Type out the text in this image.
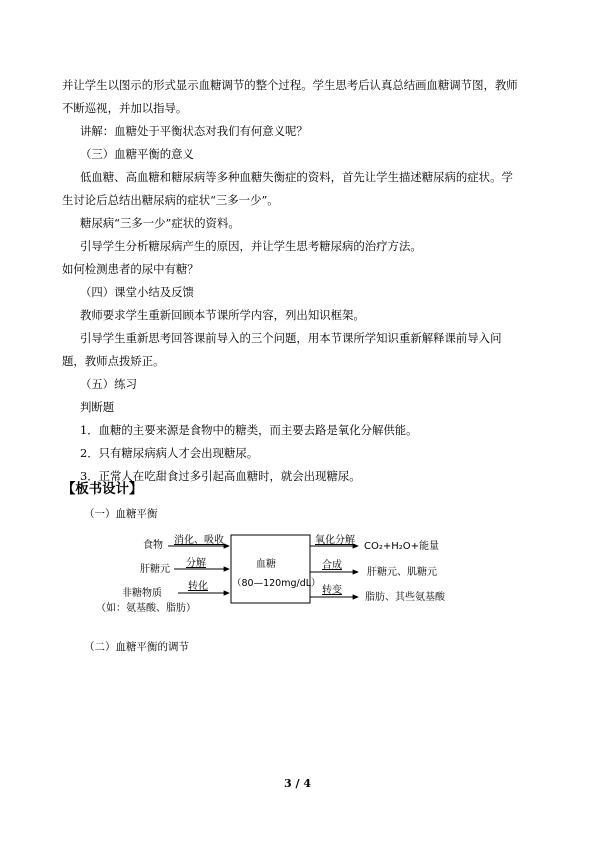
并让学生以图示的形式显示血糖调节的整个过程。学生思考后认真总结画血糖调节图，教师
不断巡视，并加以指导。
讲解：血糖处于平衡状态对我们有何意义呢？
（三）血糖平衡的意义
低血糖、高血糖和糖尿病等多种血糖失衡症的资料，首先让学生描述糖尿病的症状。学
生讨论后总结出糖尿病的症状“三多一少”。
糖尿病“三多一少”症状的资料。
引导学生分析糖尿病产生的原因，并让学生思考糖尿病的治疗方法。
如何检测患者的尿中有糖？
（四）课堂小结及反馈
教师要求学生重新回顾本节课所学内容，列出知识框架。
引导学生重新思考回答课前导入的三个问题，用本节课所学知识重新解释课前导入问
题，教师点拨矫正。
（五）练习
判断题
1．血糖的主要来源是食物中的糖类，而主要去路是氧化分解供能。
2．只有糖尿病病人才会出现糖尿。
3．正常人在吃甜食过多引起高血糖时，就会出现糖尿。
【板书设计】
（一）血糖平衡
食物 消化、吸收
肝糖元
分解
非糖物质
转化
（如：氨基酸、脂肪）
血糖
（80—120mg/dL）
氧化分解
CO₂+H₂O+能量
合成
肝糖元、肌糖元
转变
脂肪、其些氨基酸
（二）血糖平衡的调节
3 / 4
